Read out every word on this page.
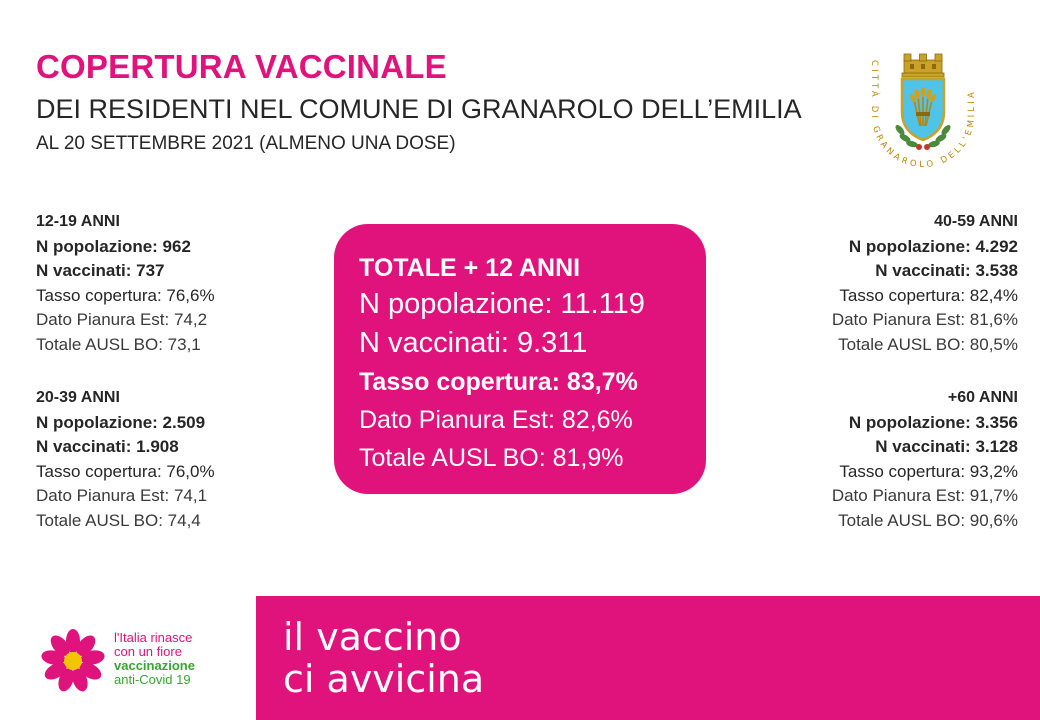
COPERTURA VACCINALE
DEI RESIDENTI NEL COMUNE DI GRANAROLO DELL’EMILIA
AL 20 SETTEMBRE 2021 (ALMENO UNA DOSE)
CITTÀ DI GRANAROLO DELL'EMILIA
12-19 ANNI
N popolazione: 962
N vaccinati: 737
Tasso copertura: 76,6%
Dato Pianura Est: 74,2
Totale AUSL BO: 73,1
20-39 ANNI
N popolazione: 2.509
N vaccinati: 1.908
Tasso copertura: 76,0%
Dato Pianura Est: 74,1
Totale AUSL BO: 74,4
40-59 ANNI
N popolazione: 4.292
N vaccinati: 3.538
Tasso copertura: 82,4%
Dato Pianura Est: 81,6%
Totale AUSL BO: 80,5%
+60 ANNI
N popolazione: 3.356
N vaccinati: 3.128
Tasso copertura: 93,2%
Dato Pianura Est: 91,7%
Totale AUSL BO: 90,6%
TOTALE + 12 ANNI
N popolazione: 11.119
N vaccinati: 9.311
Tasso copertura: 83,7%
Dato Pianura Est: 82,6%
Totale AUSL BO: 81,9%
l'Italia rinasce
con un fiore
vaccinazione
anti-Covid 19

il vaccino
ci avvicina
